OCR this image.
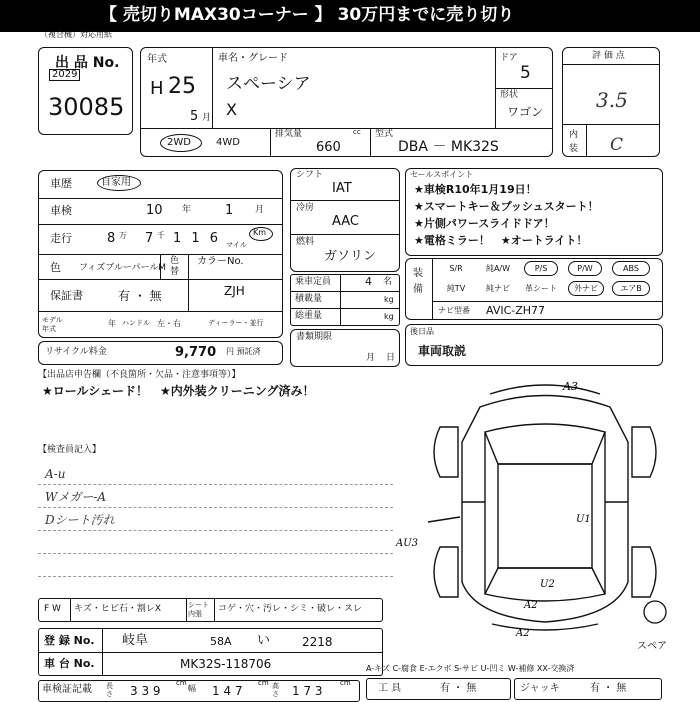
【 売切りMAX30コーナー 】 30万円までに売り切り
（複合機）対応用紙
出 品 No.
2029
30085
年式
H 25
5 月
車名・グレード
スペーシア
X
ドア
5
形状
ワゴン
2WD	4WD
排気量	cc
660
型式
DBA － MK32S
評 価 点
3.5
内装 C
車歴	自家用
車検	10 年	1 月
走行	8 万 7 千 1 1 6	Km
マイル
色 フィズブルーパールM
色替
カラーNo.
ZJH
保証書	有 ・ 無
モデル年式
年 ハンドル 左・右	ディーラー・並行
リサイクル料金	9,770 円 預託済
シフト
IAT
冷房
AAC
燃料
ガソリン
乗車定員	4 名
積載量	kg
総重量	kg
書類期限
月 日
セールスポイント
★車検R10年1月19日！
★スマートキー＆プッシュスタート！
★片側パワースライドドア！
★電格ミラー！　★オートライト！
装備
S/R	純A/W	P/S	P/W	ABS
純TV	純ナビ	革シート	外ナビ	エアB
ナビ型番 AVIC-ZH77
後日品
車両取説
【出品店申告欄（不良箇所・欠品・注意事項等）】
★ロールシェード！　★内外装クリーニング済み！
【検査員記入】
A-u
Wメガー-A
Dシート汚れ
A3
AU3
U1
U2
A2
A2
スペア
F W キズ・ヒビ石・割レX	シート内張	コゲ・穴・汚レ・シミ・破レ・スレ
登 録 No. 岐阜	58A い	2218
車 台 No.	MK32S-118706
車検証記載 長さ 3 3 9
cm
幅 1 4 7
cm 高さ 1 7 3
cm
A-キズ C-腐食 E-エクボ S-サビ U-凹ミ W-補修 XX-交換済
工 具	有 ・ 無	ジャッキ	有 ・ 無
